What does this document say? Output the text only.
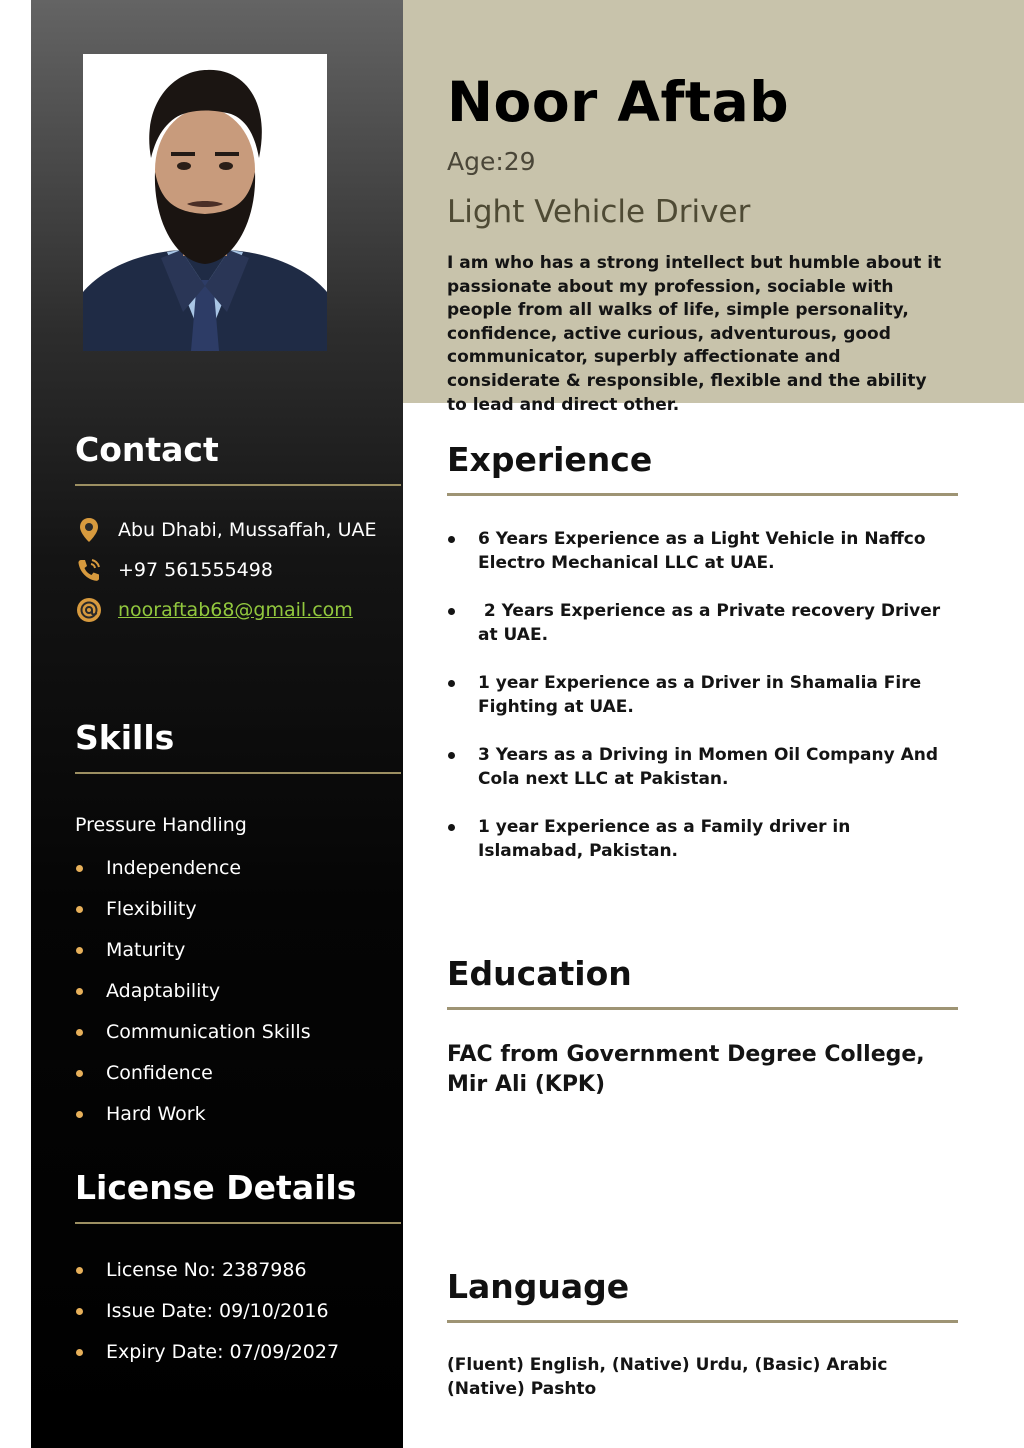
Noor Aftab
Age:29
Light Vehicle Driver

I am who has a strong intellect but humble about it passionate about my profession, sociable with people from all walks of life, simple personality, confidence, active curious, adventurous, good communicator, superbly affectionate and considerate & responsible, flexible and the ability to lead and direct other.

Contact
Abu Dhabi, Mussaffah, UAE
+97 561555498
nooraftab68@gmail.com
Skills
Pressure Handling
Independence
Flexibility
Maturity
Adaptability
Communication Skills
Confidence
Hard Work
License Details
License No: 2387986
Issue Date: 09/10/2016
Expiry Date: 07/09/2027
Experience
6 Years Experience as a Light Vehicle in Naffco Electro Mechanical LLC at UAE.
2 Years Experience as a Private recovery Driver at UAE.
1 year Experience as a Driver in Shamalia Fire Fighting at UAE.
3 Years as a Driving in Momen Oil Company And Cola next LLC at Pakistan.
1 year Experience as a Family driver in Islamabad, Pakistan.
Education

FAC from Government Degree College, Mir Ali (KPK)

Language

(Fluent) English, (Native) Urdu, (Basic) Arabic (Native) Pashto
